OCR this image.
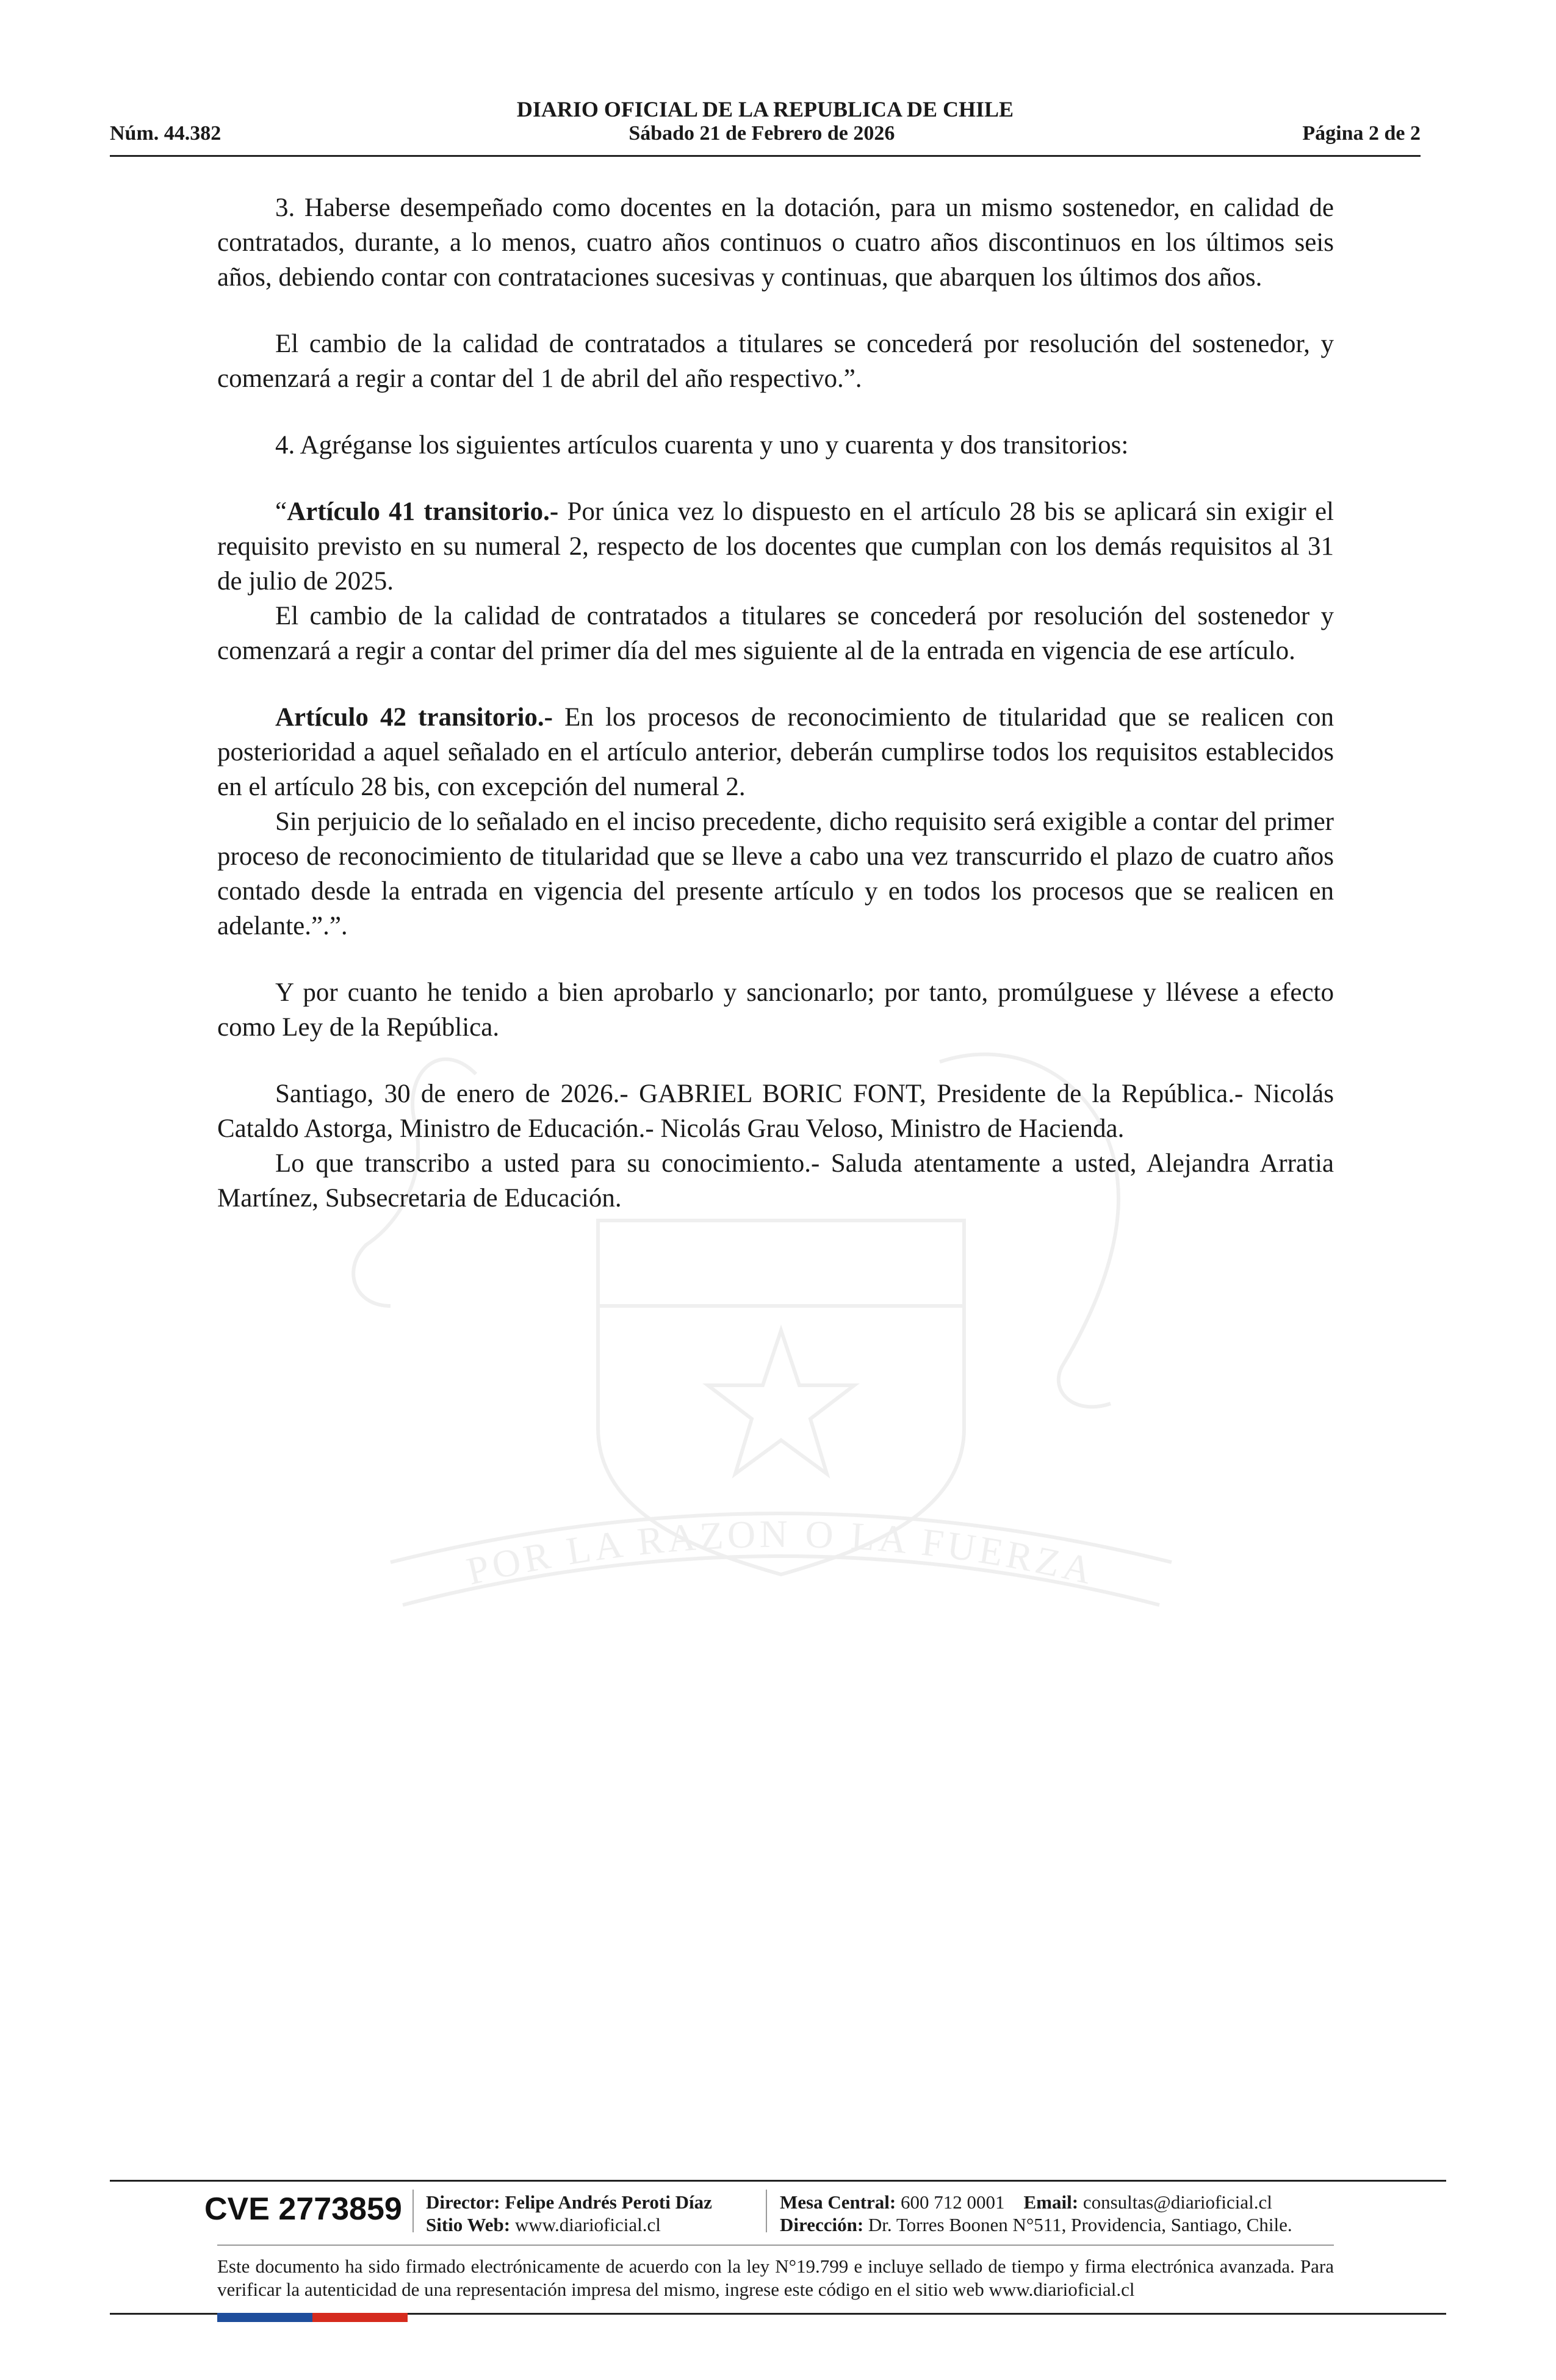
DIARIO OFICIAL DE LA REPUBLICA DE CHILE
Núm. 44.382	Sábado 21 de Febrero de 2026	Página 2 de 2
POR LA RAZON O LA FUERZA

3. Haberse desempeñado como docentes en la dotación, para un mismo sostenedor, en calidad de contratados, durante, a lo menos, cuatro años continuos o cuatro años discontinuos en los últimos seis años, debiendo contar con contrataciones sucesivas y continuas, que abarquen los últimos dos años.

El cambio de la calidad de contratados a titulares se concederá por resolución del sostenedor, y comenzará a regir a contar del 1 de abril del año respectivo.”.

4. Agréganse los siguientes artículos cuarenta y uno y cuarenta y dos transitorios:

“Artículo 41 transitorio.- Por única vez lo dispuesto en el artículo 28 bis se aplicará sin exigir el requisito previsto en su numeral 2, respecto de los docentes que cumplan con los demás requisitos al 31 de julio de 2025.

El cambio de la calidad de contratados a titulares se concederá por resolución del sostenedor y comenzará a regir a contar del primer día del mes siguiente al de la entrada en vigencia de ese artículo.

Artículo 42 transitorio.- En los procesos de reconocimiento de titularidad que se realicen con posterioridad a aquel señalado en el artículo anterior, deberán cumplirse todos los requisitos establecidos en el artículo 28 bis, con excepción del numeral 2.

Sin perjuicio de lo señalado en el inciso precedente, dicho requisito será exigible a contar del primer proceso de reconocimiento de titularidad que se lleve a cabo una vez transcurrido el plazo de cuatro años contado desde la entrada en vigencia del presente artículo y en todos los procesos que se realicen en adelante.”.”.

Y por cuanto he tenido a bien aprobarlo y sancionarlo; por tanto, promúlguese y llévese a efecto como Ley de la República.

Santiago, 30 de enero de 2026.- GABRIEL BORIC FONT, Presidente de la República.- Nicolás Cataldo Astorga, Ministro de Educación.- Nicolás Grau Veloso, Ministro de Hacienda.

Lo que transcribo a usted para su conocimiento.- Saluda atentamente a usted, Alejandra Arratia Martínez, Subsecretaria de Educación.

CVE 2773859 Director: Felipe Andrés Peroti Díaz
Sitio Web: www.diarioficial.cl
Mesa Central: 600 712 0001 Email: consultas@diarioficial.cl
Dirección: Dr. Torres Boonen N°511, Providencia, Santiago, Chile.
Este documento ha sido firmado electrónicamente de acuerdo con la ley N°19.799 e incluye sellado de tiempo y firma electrónica avanzada. Para verificar la autenticidad de una representación impresa del mismo, ingrese este código en el sitio web www.diarioficial.cl
